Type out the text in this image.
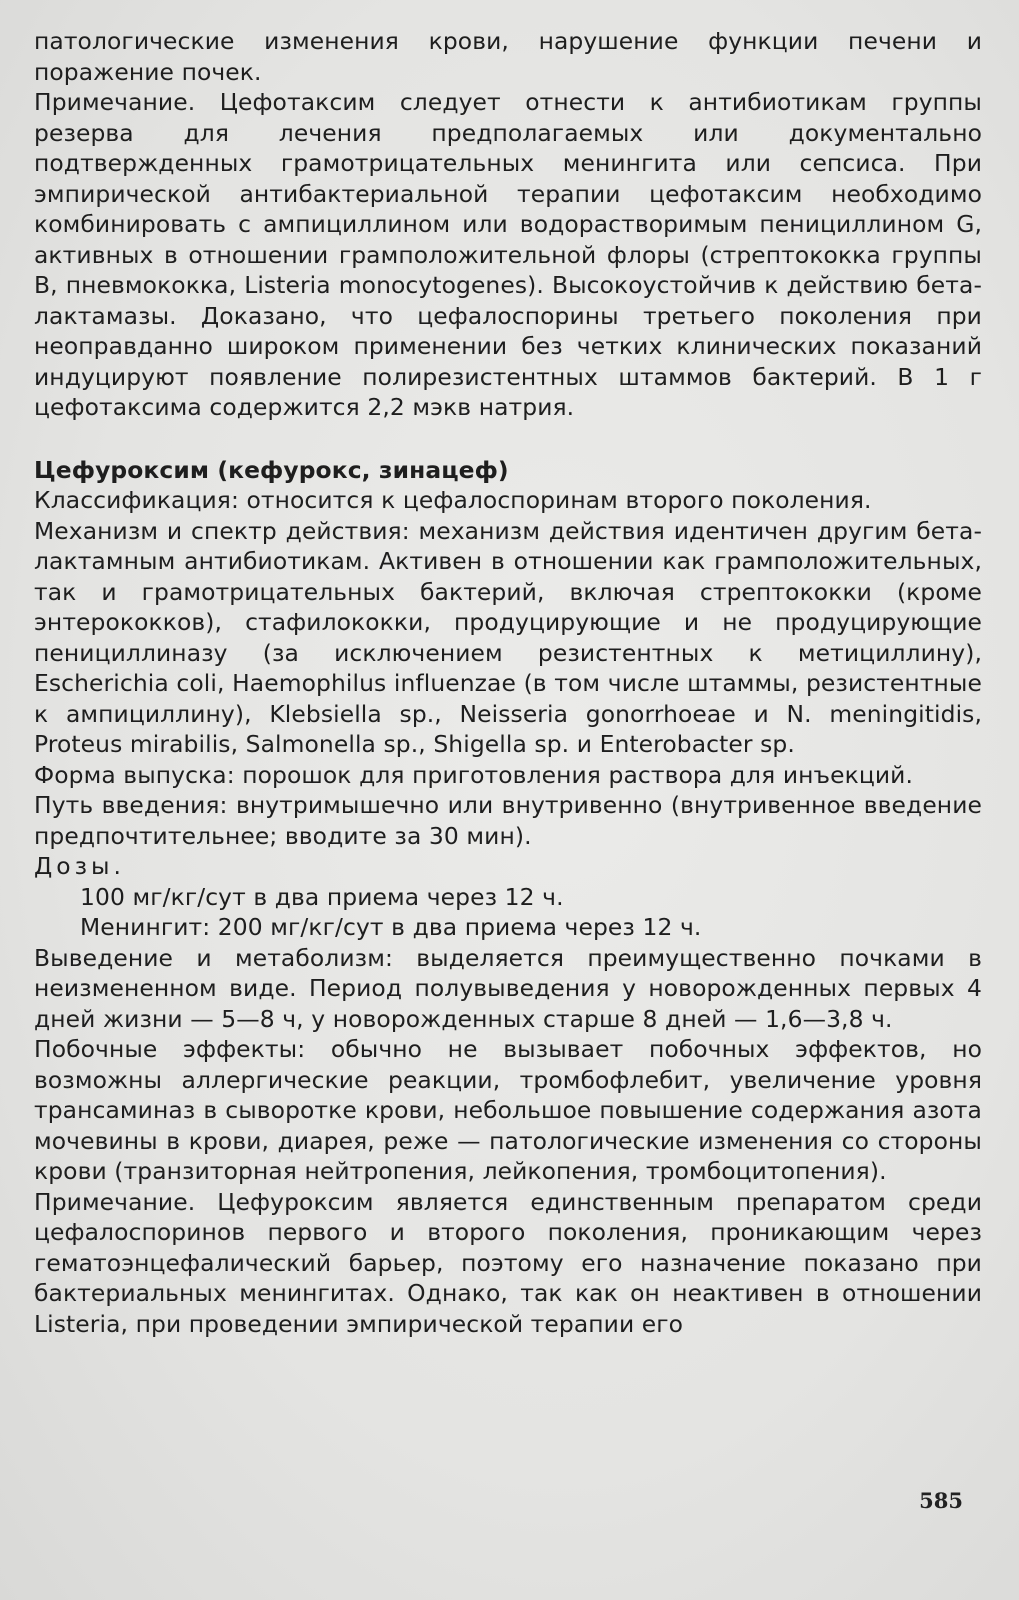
патологические изменения крови, нарушение функции печени и поражение почек.

Примечание. Цефотаксим следует отнести к антибиотикам группы резерва для лечения предполагаемых или документально подтвержденных грамотрицательных менингита или сепсиса. При эмпирической антибактериальной терапии цефотаксим необходимо комбинировать с ампициллином или водорастворимым пенициллином G, активных в отношении грамположительной флоры (стрептококка группы В, пневмококка, Listeria monocytogenes). Высокоустойчив к действию бета-лактамазы. Доказано, что цефалоспорины третьего поколения при неоправданно широком применении без четких клинических показаний индуцируют появление полирезистентных штаммов бактерий. В 1 г цефотаксима содержится 2,2 мэкв натрия.

Цефуроксим (кефурокс, зинацеф)

Классификация: относится к цефалоспоринам второго поколения.

Механизм и спектр действия: механизм действия идентичен другим бета-лактамным антибиотикам. Активен в отношении как грамположительных, так и грамотрицательных бактерий, включая стрептококки (кроме энтерококков), стафилококки, продуцирующие и не продуцирующие пенициллиназу (за исключением резистентных к метициллину), Escherichia coli, Haemophilus influenzae (в том числе штаммы, резистентные к ампициллину), Klebsiella sp., Neisseria gonorrhoeae и N. meningitidis, Proteus mirabilis, Salmonella sp., Shigella sp. и Enterobacter sp.

Форма выпуска: порошок для приготовления раствора для инъекций.

Путь введения: внутримышечно или внутривенно (внутривенное введение предпочтительнее; вводите за 30 мин).

Дозы.

100 мг/кг/сут в два приема через 12 ч.

Менингит: 200 мг/кг/сут в два приема через 12 ч.

Выведение и метаболизм: выделяется преимущественно почками в неизмененном виде. Период полувыведения у новорожденных первых 4 дней жизни — 5—8 ч, у новорожденных старше 8 дней — 1,6—3,8 ч.

Побочные эффекты: обычно не вызывает побочных эффектов, но возможны аллергические реакции, тромбофлебит, увеличение уровня трансаминаз в сыворотке крови, небольшое повышение содержания азота мочевины в крови, диарея, реже — патологические изменения со стороны крови (транзиторная нейтропения, лейкопения, тромбоцитопения).

Примечание. Цефуроксим является единственным препаратом среди цефалоспоринов первого и второго поколения, проникающим через гематоэнцефалический барьер, поэтому его назначение показано при бактериальных менингитах. Однако, так как он неактивен в отношении Listeria, при проведении эмпирической терапии его

585
